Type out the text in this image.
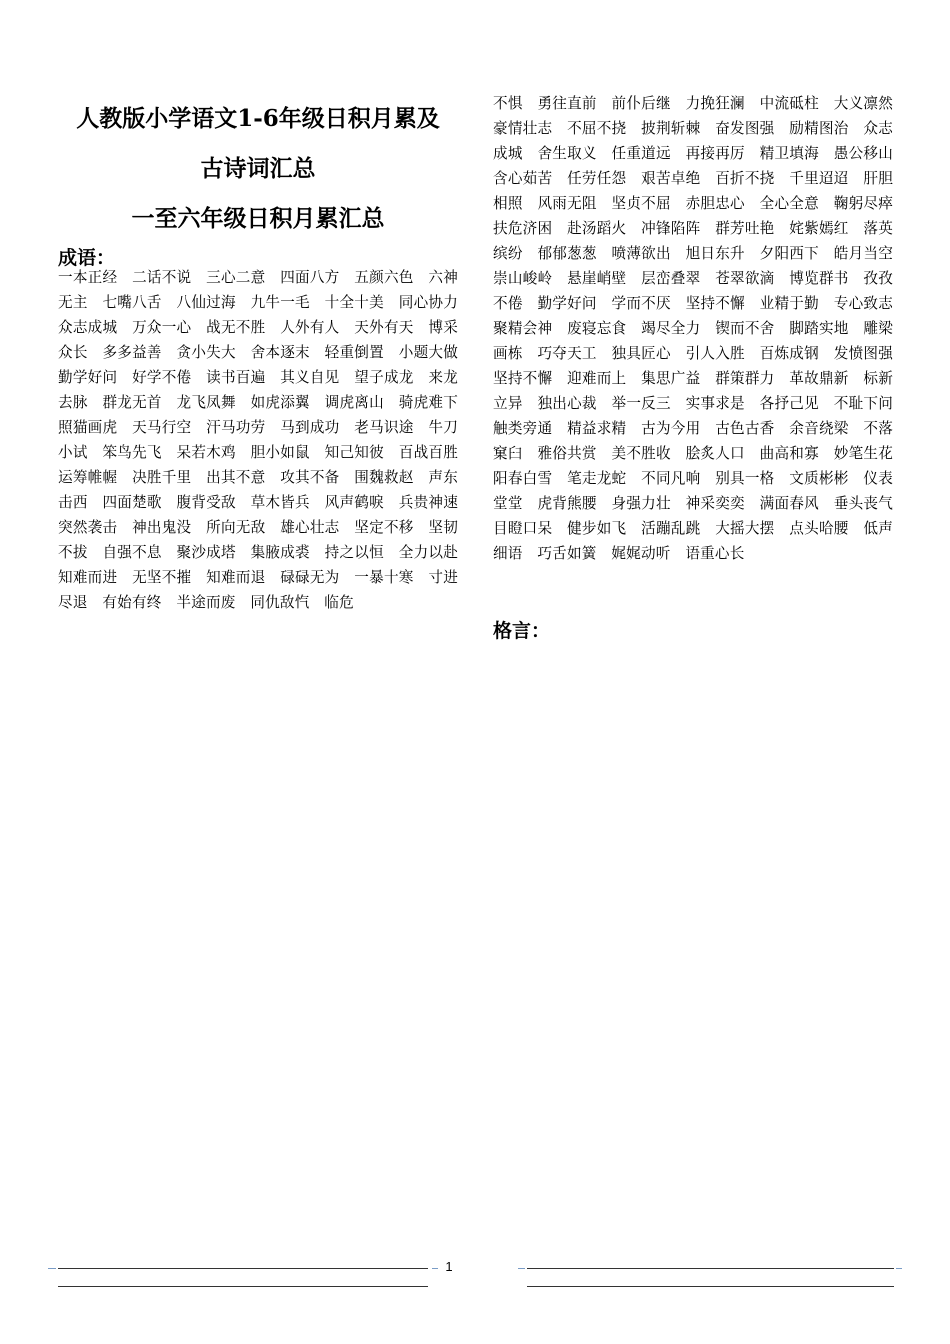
人教版小学语文1-6年级日积月累及
古诗词汇总
一至六年级日积月累汇总
成语：
一本正经　二话不说　三心二意　四面八方　五颜六色　六神无主　七嘴八舌　八仙过海　九牛一毛　十全十美　同心协力　众志成城　万众一心　战无不胜　人外有人　天外有天　博采众长　多多益善　贪小失大　舍本逐末　轻重倒置　小题大做　勤学好问　好学不倦　读书百遍　其义自见　望子成龙　来龙去脉　群龙无首　龙飞凤舞　如虎添翼　调虎离山　骑虎难下　照猫画虎　天马行空　汗马功劳　马到成功　老马识途　牛刀小试　笨鸟先飞　呆若木鸡　胆小如鼠　知己知彼　百战百胜　运筹帷幄　决胜千里　出其不意　攻其不备　围魏救赵　声东击西　四面楚歌　腹背受敌　草木皆兵　风声鹤唳　兵贵神速　突然袭击　神出鬼没　所向无敌　雄心壮志　坚定不移　坚韧不拔　自强不息　聚沙成塔　集腋成裘　持之以恒　全力以赴　知难而进　无坚不摧　知难而退　碌碌无为　一暴十寒　寸进尽退　有始有终　半途而废　同仇敌忾　临危
不惧　勇往直前　前仆后继　力挽狂澜　中流砥柱　大义凛然　豪情壮志　不屈不挠　披荆斩棘　奋发图强　励精图治　众志成城　舍生取义　任重道远　再接再厉　精卫填海　愚公移山　含心茹苦　任劳任怨　艰苦卓绝　百折不挠　千里迢迢　肝胆相照　风雨无阻　坚贞不屈　赤胆忠心　全心全意　鞠躬尽瘁　扶危济困　赴汤蹈火　冲锋陷阵　群芳吐艳　姹紫嫣红　落英缤纷　郁郁葱葱　喷薄欲出　旭日东升　夕阳西下　皓月当空　崇山峻岭　悬崖峭壁　层峦叠翠　苍翠欲滴　博览群书　孜孜不倦　勤学好问　学而不厌　坚持不懈　业精于勤　专心致志　聚精会神　废寝忘食　竭尽全力　锲而不舍　脚踏实地　雕梁画栋　巧夺天工　独具匠心　引人入胜　百炼成钢　发愤图强　坚持不懈　迎难而上　集思广益　群策群力　革故鼎新　标新立异　独出心裁　举一反三　实事求是　各抒己见　不耻下问　触类旁通　精益求精　古为今用　古色古香　余音绕梁　不落窠臼　雅俗共赏　美不胜收　脍炙人口　曲高和寡　妙笔生花　阳春白雪　笔走龙蛇　不同凡响　别具一格　文质彬彬　仪表堂堂　虎背熊腰　身强力壮　神采奕奕　满面春风　垂头丧气　目瞪口呆　健步如飞　活蹦乱跳　大摇大摆　点头哈腰　低声细语　巧舌如簧　娓娓动听　语重心长
格言：
1
